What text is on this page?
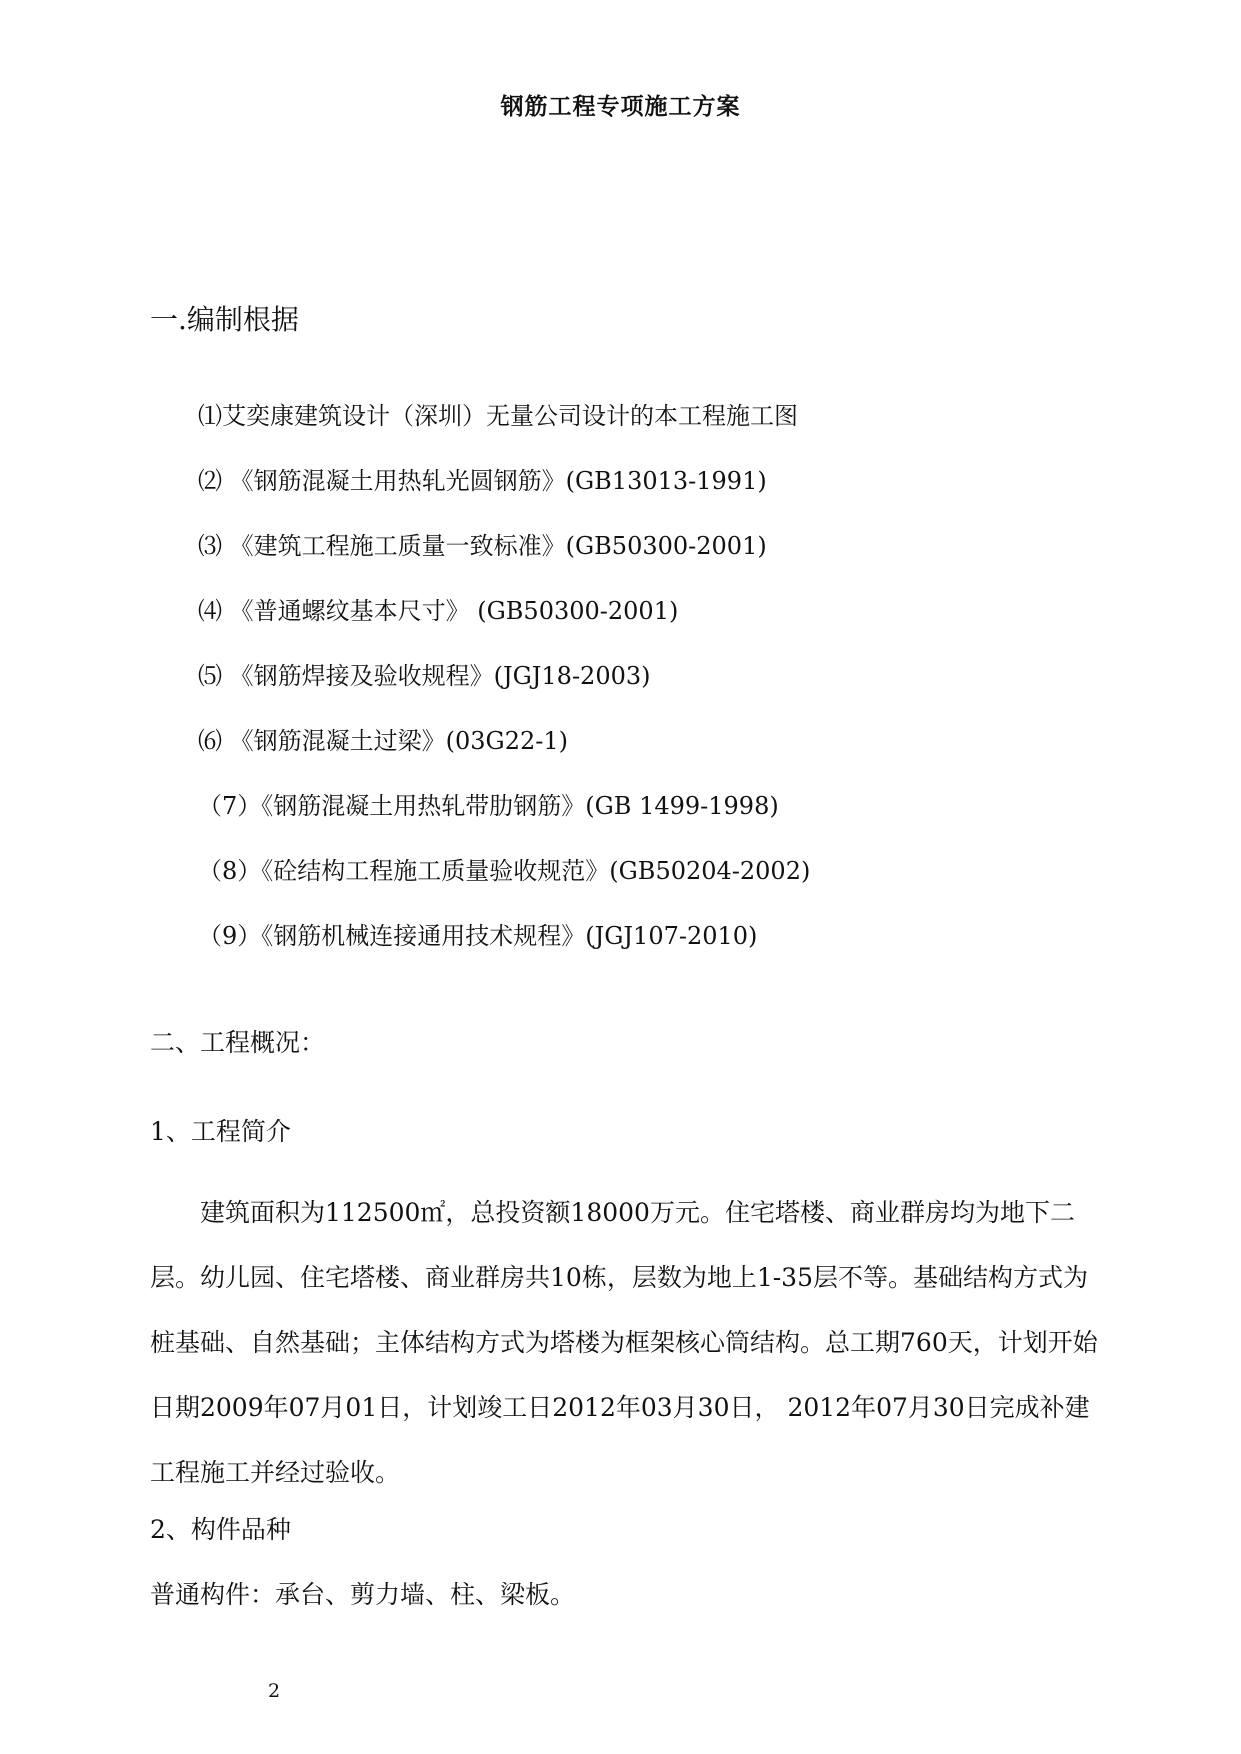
钢筋工程专项施工方案
一.编制根据
⑴艾奕康建筑设计（深圳）无量公司设计的本工程施工图
⑵ 《钢筋混凝土用热轧光圆钢筋》(GB13013-1991)
⑶ 《建筑工程施工质量一致标准》(GB50300-2001)
⑷ 《普通螺纹基本尺寸》 (GB50300-2001)
⑸ 《钢筋焊接及验收规程》(JGJ18-2003)
⑹ 《钢筋混凝土过梁》(03G22-1)
（7）《钢筋混凝土用热轧带肋钢筋》(GB 1499-1998)
（8）《砼结构工程施工质量验收规范》(GB50204-2002)
（9）《钢筋机械连接通用技术规程》(JGJ107-2010)
二、工程概况：
1、工程简介

建筑面积为112500㎡，总投资额18000万元。住宅塔楼、商业群房均为地下二层。幼儿园、住宅塔楼、商业群房共10栋，层数为地上1-35层不等。基础结构方式为桩基础、自然基础；主体结构方式为塔楼为框架核心筒结构。总工期760天，计划开始日期2009年07月01日，计划竣工日2012年03月30日， 2012年07月30日完成补建工程施工并经过验收。

2、构件品种
普通构件：承台、剪力墙、柱、梁板。
2
